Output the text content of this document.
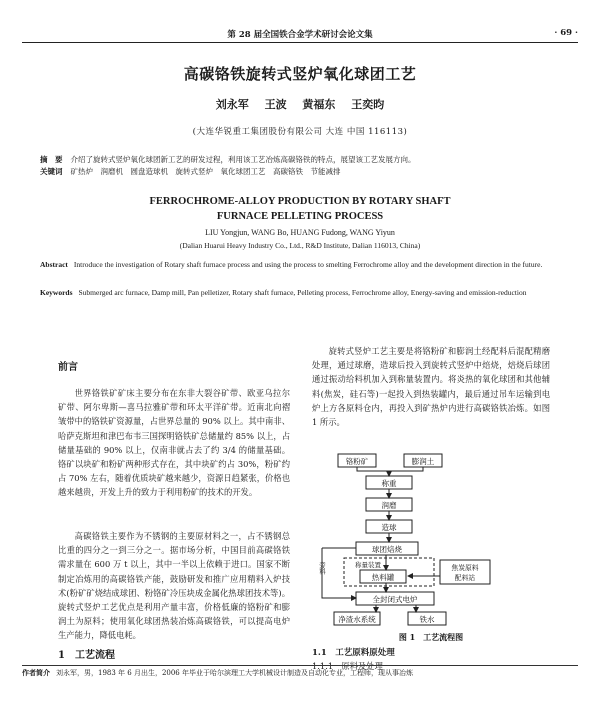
第 28 届全国铁合金学术研讨会论文集	· 69 ·
高碳铬铁旋转式竖炉氧化球团工艺
刘永军 王波 黄福东 王奕昀
(大连华锐重工集团股份有限公司 大连 中国 116113)
摘　要 介绍了旋转式竖炉氧化球团新工艺的研发过程，利用该工艺冶炼高碳铬铁的特点，展望该工艺发展方向。
关键词 矿热炉　润磨机　圆盘造球机　旋转式竖炉　氧化球团工艺　高碳铬铁　节能减排
FERROCHROME-ALLOY PRODUCTION BY ROTARY SHAFT
FURNACE PELLETING PROCESS
LIU Yongjun, WANG Bo, HUANG Fudong, WANG Yiyun
(Dalian Huarui Heavy Industry Co., Ltd., R&D Institute, Dalian 116013, China)
Abstract Introduce the investigation of Rotary shaft furnace process and using the process to smelting Ferrochrome alloy and the development direction in the future.
Keywords Submerged arc furnace, Damp mill, Pan pelletizer, Rotary shaft furnace, Pelleting process, Ferrochrome alloy, Energy-saving and emission-reduction
前言
世界铬铁矿矿床主要分布在东非大裂谷矿带、欧亚乌拉尔矿带、阿尔卑斯—喜马拉雅矿带和环太平洋矿带。近南北向褶皱带中的铬铁矿资源量，占世界总量的 90% 以上。其中南非、哈萨克斯坦和津巴布韦三国探明铬铁矿总储量约 85% 以上，占储量基础的 90% 以上，仅南非就占去了约 3/4 的储量基础。铬矿以块矿和粉矿两种形式存在，其中块矿约占 30%，粉矿约占 70% 左右，随着优质块矿越来越少，资源日趋紧张，价格也越来越贵，开发上升的致力于利用粉矿的技术的开发。
高碳铬铁主要作为不锈钢的主要原材料之一，占不锈钢总比重的四分之一到三分之一。据市场分析，中国目前高碳铬铁需求量在 600 万 t 以上，其中一半以上依赖于进口。国家不断制定冶炼用的高碳铬铁产能，鼓励研发和推广应用精料入炉技术(粉矿矿烧结成球团、粉铬矿冷压块成金属化热球团技术等)。旋转式竖炉工艺优点是利用产量丰富，价格低廉的铬粉矿和膨润土为原料；使用氧化球团热装冶炼高碳铬铁，可以提高电炉生产能力，降低电耗。
1　工艺流程
旋转式竖炉工艺主要是将铬粉矿和膨润土经配料后混配精磨处理，通过球磨，造球后投入到旋转式竖炉中焙烧，焙烧后球团通过振动给料机加入到称量装置内。将炎热的氧化球团和其他辅料(焦炭，硅石等)一起投入到热装罐内，最后通过吊车运输到电炉上方各原料仓内，再投入到矿热炉内进行高碳铬铁冶炼。如图 1 所示。
铬粉矿	膨润土
称重
润磨
造球
球团焙烧
称量装置
热料罐
焦炭原料
配料站
全封闭式电炉
净渣水系统	铁水
旁料
图 1　工艺流程图
1.1　工艺原料原处理
1.1.1　原料及处理
作者简介 刘永军，男，1983 年 6 月出生，2006 年毕业于哈尔滨理工大学机械设计制造及自动化专业，工程师，现从事冶炼
